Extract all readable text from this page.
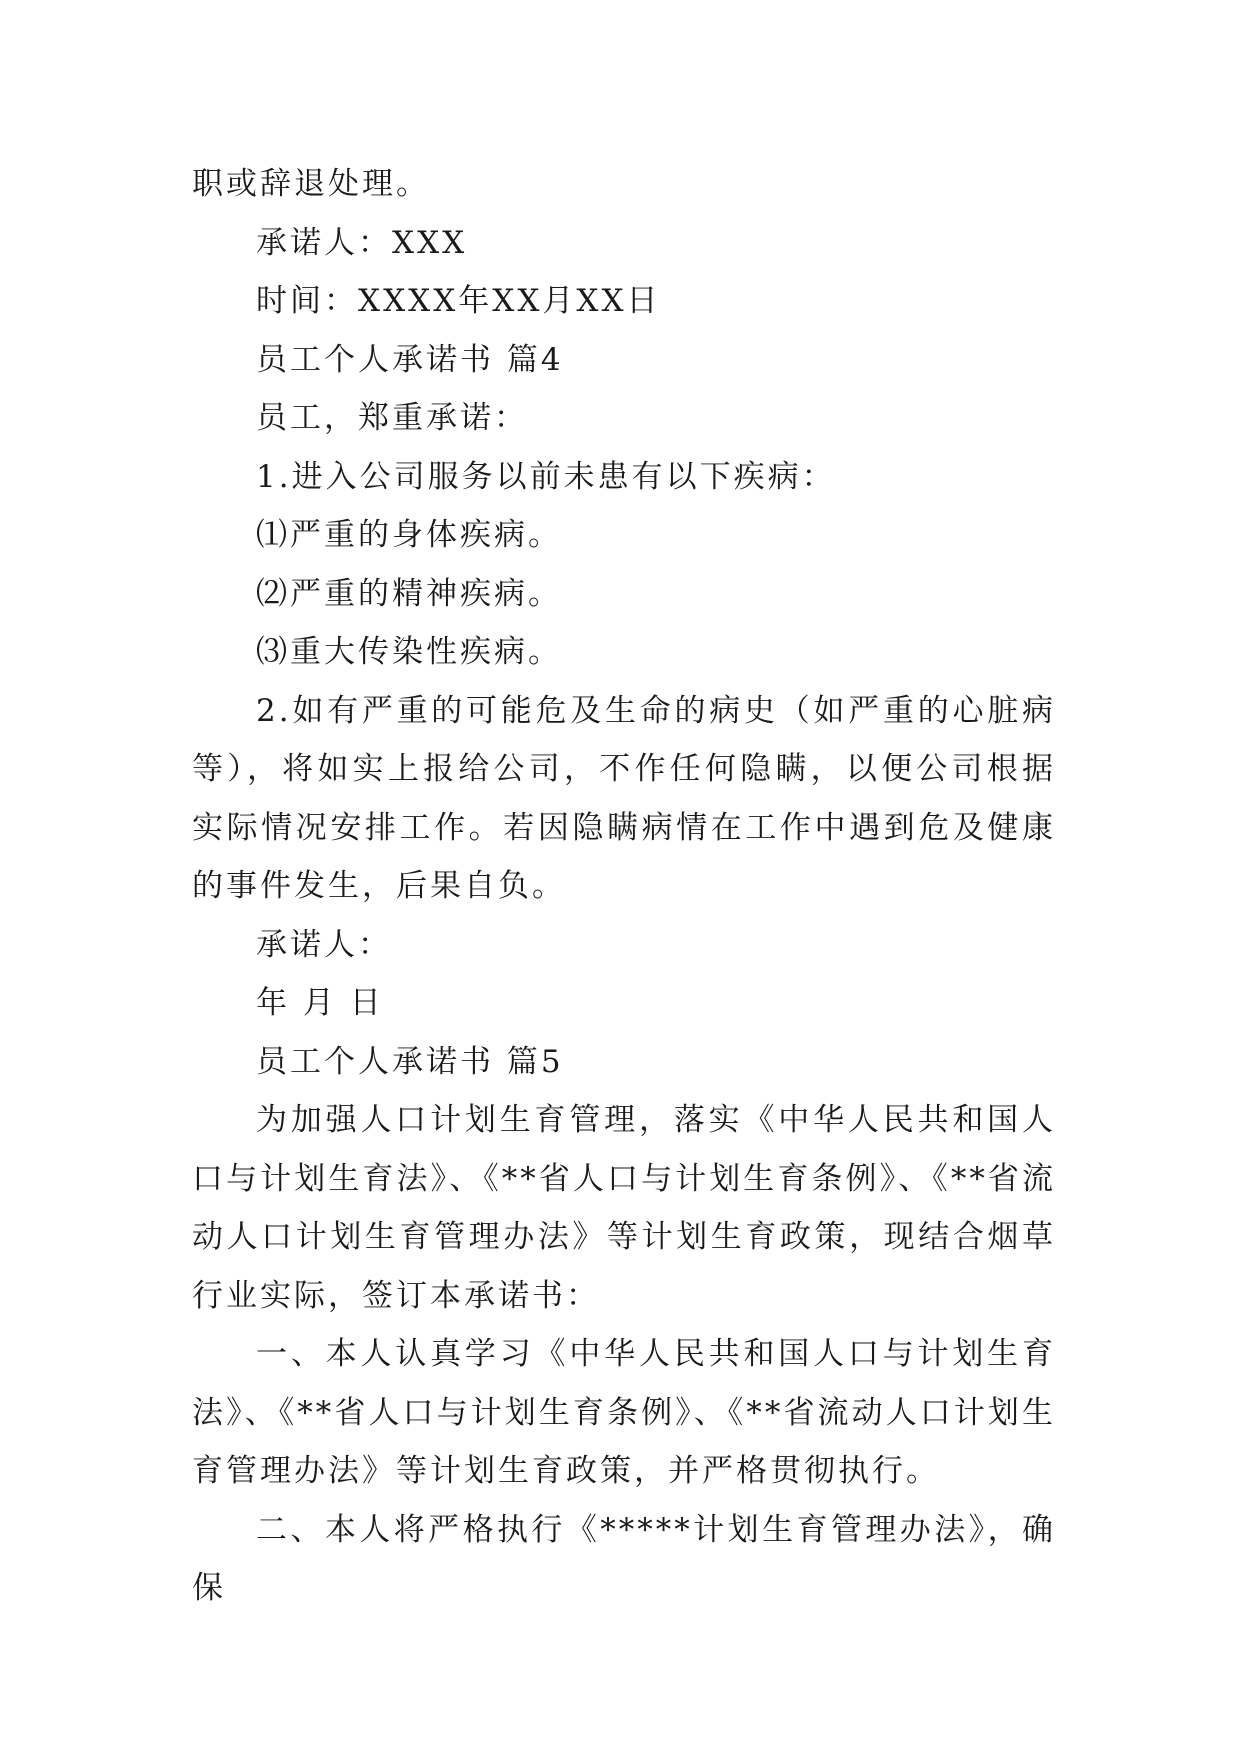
职或辞退处理。

承诺人：XXX

时间：XXXX年XX月XX日

员工个人承诺书 篇4

员工，郑重承诺：

1.进入公司服务以前未患有以下疾病：

⑴严重的身体疾病。

⑵严重的精神疾病。

⑶重大传染性疾病。

2.如有严重的可能危及生命的病史（如严重的心脏病等），将如实上报给公司，不作任何隐瞒，以便公司根据实际情况安排工作。若因隐瞒病情在工作中遇到危及健康的事件发生，后果自负。

承诺人：

年 月 日

员工个人承诺书 篇5

为加强人口计划生育管理，落实《中华人民共和国人口与计划生育法》、《**省人口与计划生育条例》、《**省流动人口计划生育管理办法》等计划生育政策，现结合烟草行业实际，签订本承诺书：

一、本人认真学习《中华人民共和国人口与计划生育法》、《**省人口与计划生育条例》、《**省流动人口计划生育管理办法》等计划生育政策，并严格贯彻执行。

二、本人将严格执行《*****计划生育管理办法》，确保
